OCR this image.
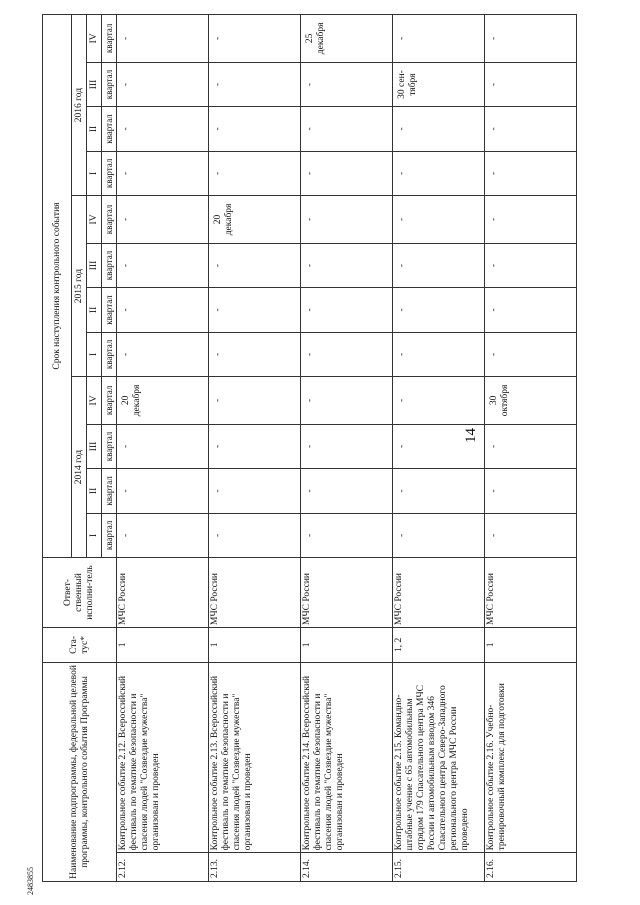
14
2483855
Наименование подпрограммы, федеральной целевой программы, контрольного события Программы		Ста-тус*	Ответ-ственный исполни-тель	Срок наступления контрольного события											
				2014 год				2015 год				2016 год			
				I	II	III	IV	I	II	III	IV	I	II	III	IV
				квартал	квартал	квартал	квартал	квартал	квартал	квартал	квартал	квартал	квартал	квартал	квартал
2.12.	Контрольное событие 2.12. Всероссийский фестиваль по тематике безопасности и спасения людей "Созвездие мужества" организован и проведен	1	МЧС России	-	-	-	20 декабря	-	-	-	-	-	-	-	-
2.13.	Контрольное событие 2.13. Всероссийский фестиваль по тематике безопасности и спасения людей "Созвездие мужества" организован и проведен	1	МЧС России	-	-	-	-	-	-	-	20 декабря	-	-	-	-
2.14.	Контрольное событие 2.14. Всероссийский фестиваль по тематике безопасности и спасения людей "Созвездие мужества" организован и проведен	1	МЧС России	-	-	-	-	-	-	-	-	-	-	-	25 декабря
2.15.	Контрольное событие 2.15. Командно-штабные учение с 65 автомобильным отрядом 179 Спасательного центра МЧС России и автомобильным взводом 346 Спасательного центра Северо-Западного регионального центра МЧС России проведено	1, 2	МЧС России	-	-	-	-	-	-	-	-	-	-	30 сен-тября	-
2.16.	Контрольное событие 2.16. Учебно-тренировочный комплекс для подготовки	1	МЧС России	-	-	-	30 октября	-	-	-	-	-	-	-	-
